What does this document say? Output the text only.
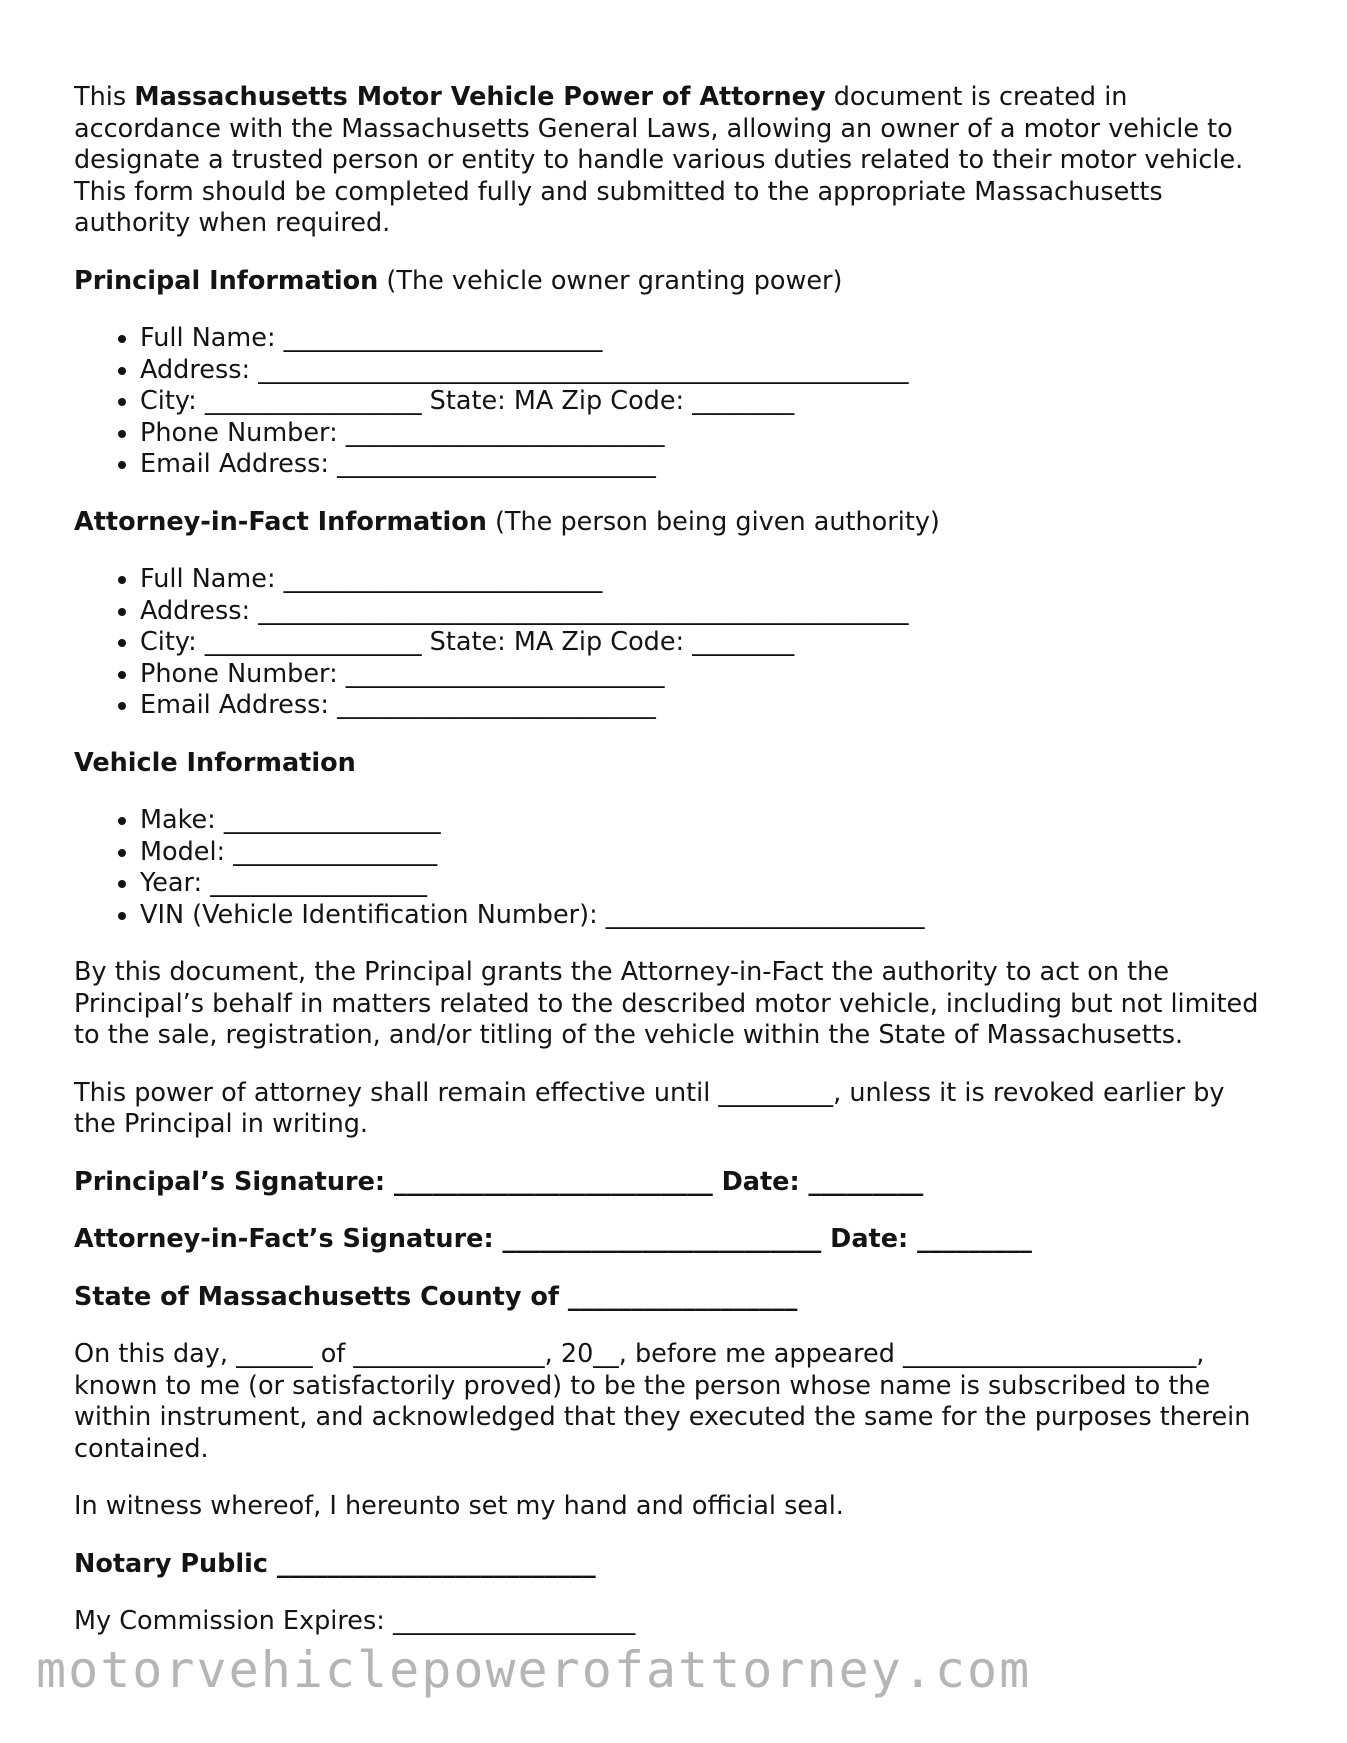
This Massachusetts Motor Vehicle Power of Attorney document is created in accordance with the Massachusetts General Laws, allowing an owner of a motor vehicle to designate a trusted person or entity to handle various duties related to their motor vehicle. This form should be completed fully and submitted to the appropriate Massachusetts authority when required.

Principal Information (The vehicle owner granting power)

• Full Name: _________________________
• Address: ___________________________________________________
• City: _________________ State: MA Zip Code: ________
• Phone Number: _________________________
• Email Address: _________________________

Attorney-in-Fact Information (The person being given authority)

• Full Name: _________________________
• Address: ___________________________________________________
• City: _________________ State: MA Zip Code: ________
• Phone Number: _________________________
• Email Address: _________________________

Vehicle Information

• Make: _________________
• Model: ________________
• Year: _________________
• VIN (Vehicle Identification Number): _________________________

By this document, the Principal grants the Attorney-in-Fact the authority to act on the Principal’s behalf in matters related to the described motor vehicle, including but not limited to the sale, registration, and/or titling of the vehicle within the State of Massachusetts.

This power of attorney shall remain effective until _________, unless it is revoked earlier by the Principal in writing.

Principal’s Signature: _________________________ Date: _________

Attorney-in-Fact’s Signature: _________________________ Date: _________

State of Massachusetts County of __________________

On this day, ______ of _______________, 20__, before me appeared _______________________, known to me (or satisfactorily proved) to be the person whose name is subscribed to the within instrument, and acknowledged that they executed the same for the purposes therein contained.

In witness whereof, I hereunto set my hand and official seal.

Notary Public _________________________

My Commission Expires: ___________________

motorvehiclepowerofattorney.com
